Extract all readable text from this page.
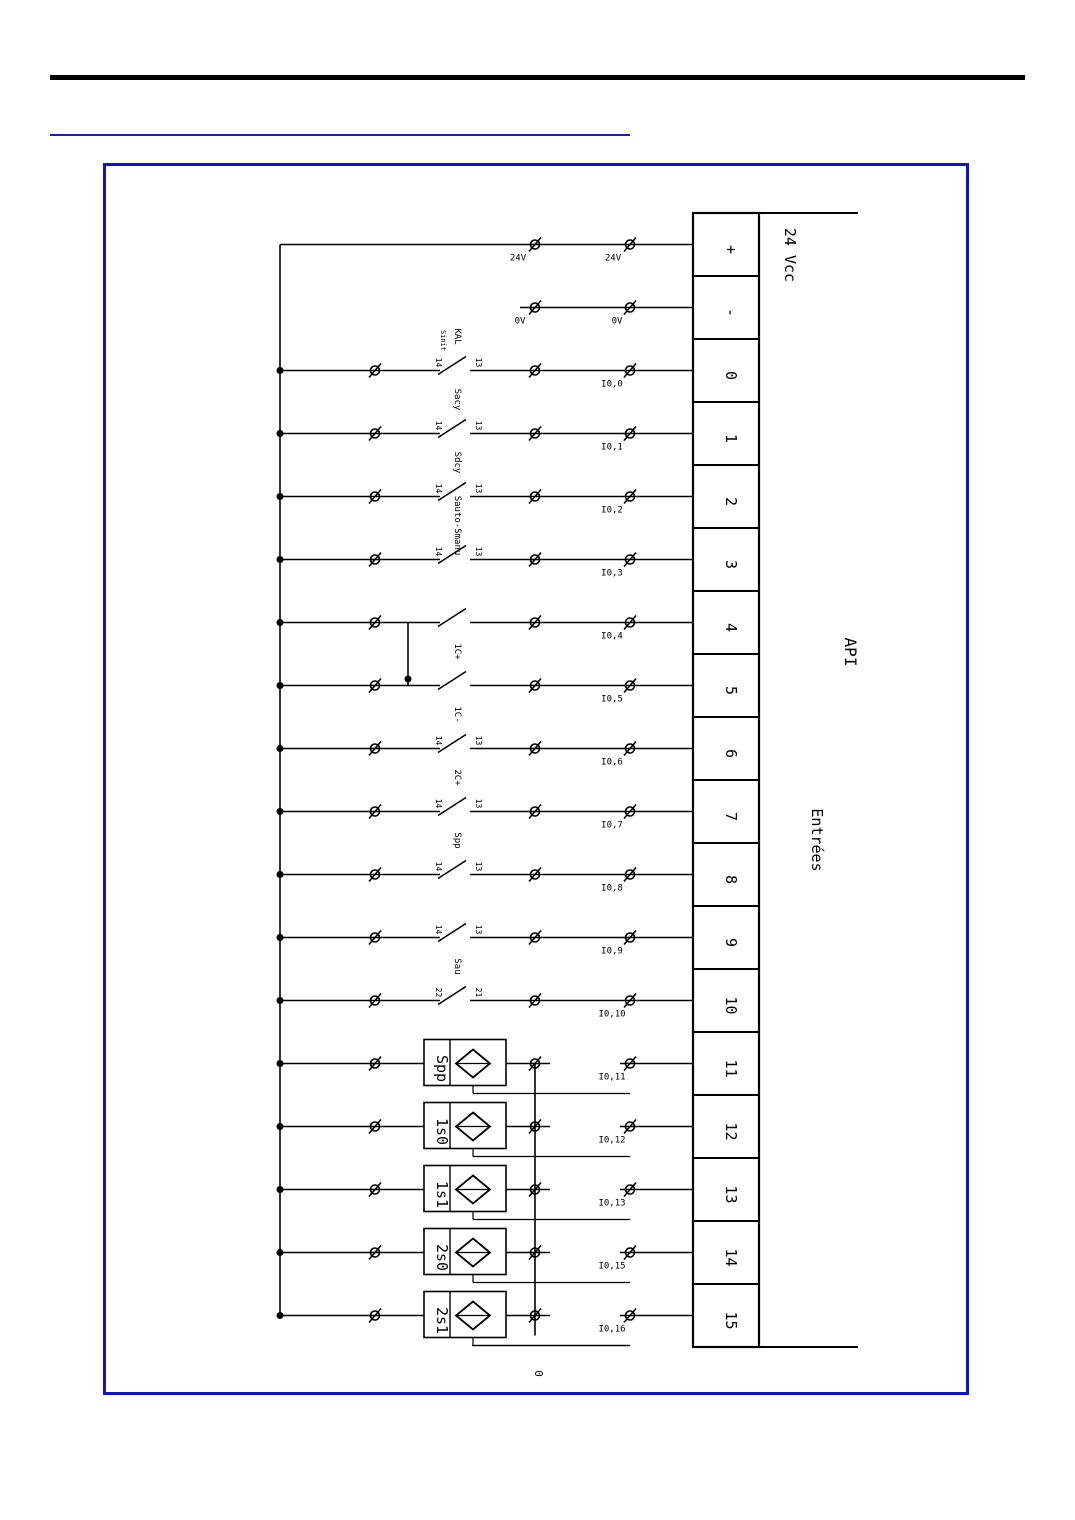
+
-
0
1
2
3
4
5
6
7
8
9
10
11
12
13
14
15
24 Vcc
API
Entrées
24V	24V
0V	0V
I0,0
14	13
KAL
Sinit
I0,1
14	13
Sacy
I0,2
14	13
Sdcy
I0,3
14	13
Sauto-Smanu
I0,4
I0,5
1C+
I0,6
14	13
1C-
I0,7
14	13
2C+
I0,8
14	13
Spp
I0,9
14	13
I0,10
22	21
Sau
I0,11
Spp
I0,12
1s0
I0,13
1s1
I0,15
2s0
I0,16
2s1
0
